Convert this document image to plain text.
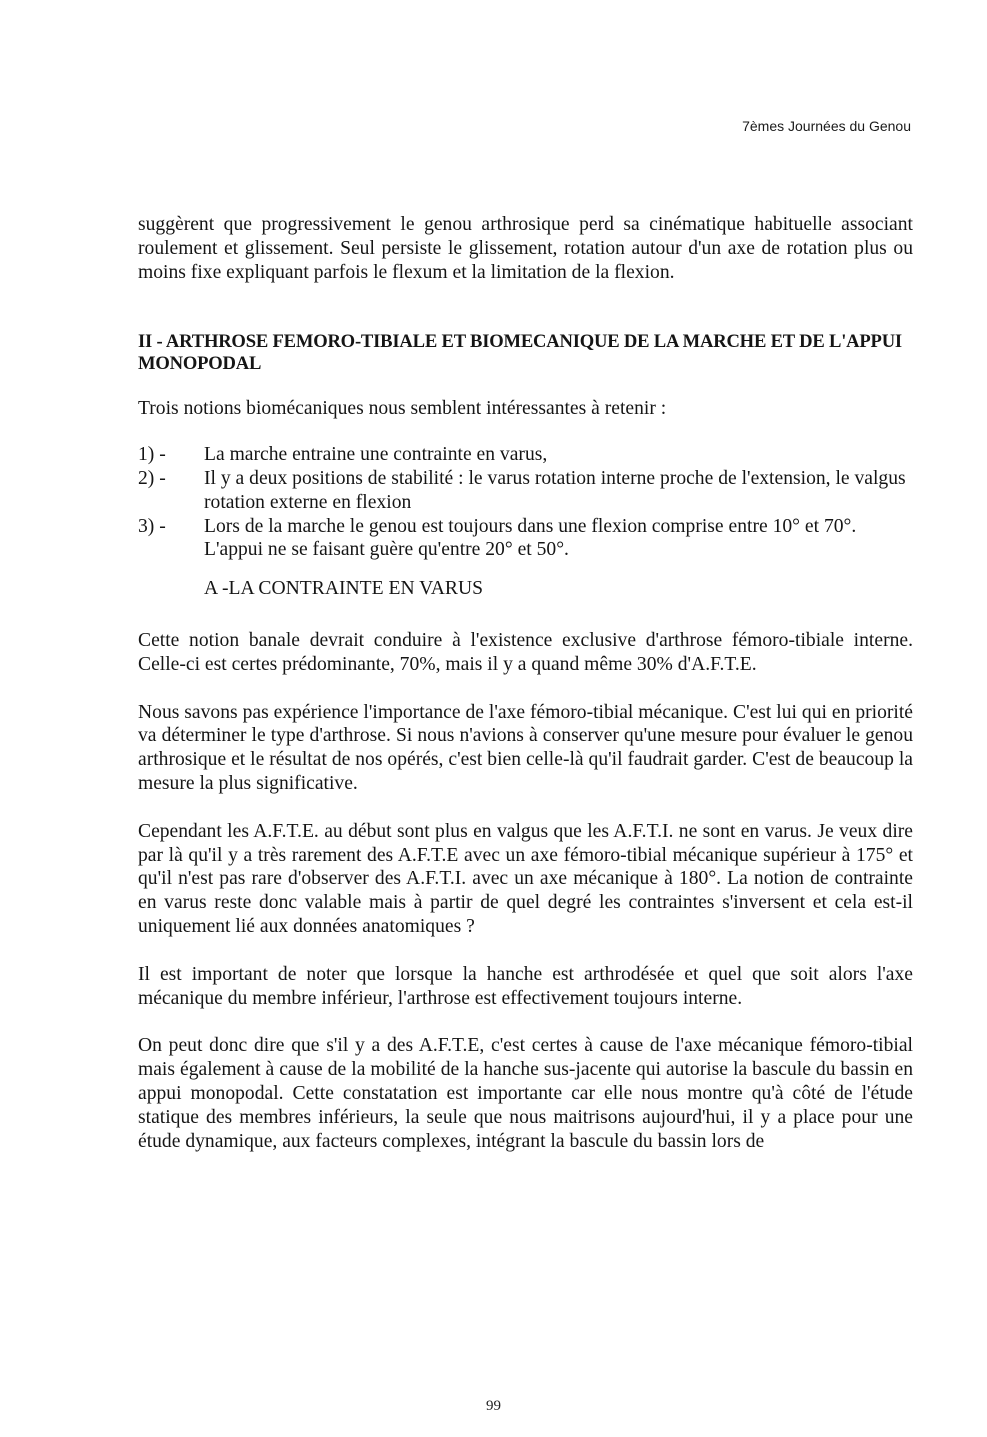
7èmes Journées du Genou

suggèrent que progressivement le genou arthrosique perd sa cinématique habituelle associant roulement et glissement. Seul persiste le glissement, rotation autour d'un axe de rotation plus ou moins fixe expliquant parfois le flexum et la limitation de la flexion.

II - ARTHROSE FEMORO-TIBIALE ET BIOMECANIQUE DE LA MARCHE ET DE L'APPUI MONOPODAL

Trois notions biomécaniques nous semblent intéressantes à retenir :

1) -	La marche entraine une contrainte en varus,
2) -	Il y a deux positions de stabilité : le varus rotation interne proche de l'extension, le valgus rotation externe en flexion
3) -	Lors de la marche le genou est toujours dans une flexion comprise entre 10° et 70°. L'appui ne se faisant guère qu'entre 20° et 50°.

A -LA CONTRAINTE EN VARUS

Cette notion banale devrait conduire à l'existence exclusive d'arthrose fémoro-tibiale interne. Celle-ci est certes prédominante, 70%, mais il y a quand même 30% d'A.F.T.E.

Nous savons pas expérience l'importance de l'axe fémoro-tibial mécanique. C'est lui qui en priorité va déterminer le type d'arthrose. Si nous n'avions à conserver qu'une mesure pour évaluer le genou arthrosique et le résultat de nos opérés, c'est bien celle-là qu'il faudrait garder. C'est de beaucoup la mesure la plus significative.

Cependant les A.F.T.E. au début sont plus en valgus que les A.F.T.I. ne sont en varus. Je veux dire par là qu'il y a très rarement des A.F.T.E avec un axe fémoro-tibial mécanique supérieur à 175° et qu'il n'est pas rare d'observer des A.F.T.I. avec un axe mécanique à 180°. La notion de contrainte en varus reste donc valable mais à partir de quel degré les contraintes s'inversent et cela est-il uniquement lié aux données anatomiques ?

Il est important de noter que lorsque la hanche est arthrodésée et quel que soit alors l'axe mécanique du membre inférieur, l'arthrose est effectivement toujours interne.

On peut donc dire que s'il y a des A.F.T.E, c'est certes à cause de l'axe mécanique fémoro-tibial mais également à cause de la mobilité de la hanche sus-jacente qui autorise la bascule du bassin en appui monopodal. Cette constatation est importante car elle nous montre qu'à côté de l'étude statique des membres inférieurs, la seule que nous maitrisons aujourd'hui, il y a place pour une étude dynamique, aux facteurs complexes, intégrant la bascule du bassin lors de

99
